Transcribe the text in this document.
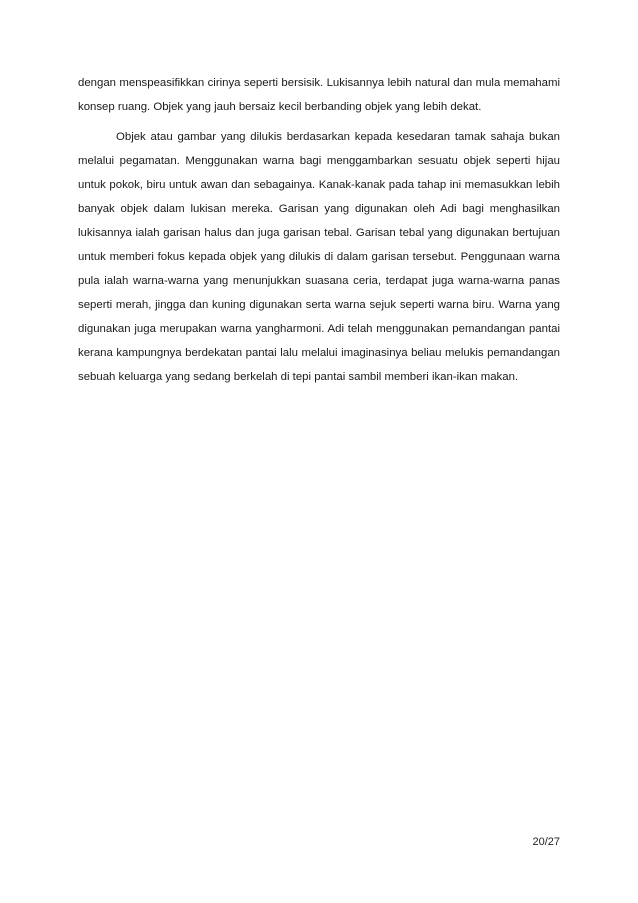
dengan menspeasifikkan cirinya seperti bersisik. Lukisannya lebih natural dan mula memahami konsep ruang. Objek yang jauh bersaiz kecil berbanding objek yang lebih dekat.

Objek atau gambar yang dilukis berdasarkan kepada kesedaran tamak sahaja bukan melalui pegamatan. Menggunakan warna bagi menggambarkan sesuatu objek seperti hijau untuk pokok, biru untuk awan dan sebagainya. Kanak-kanak pada tahap ini memasukkan lebih banyak objek dalam lukisan mereka. Garisan yang digunakan oleh Adi bagi menghasilkan lukisannya ialah garisan halus dan juga garisan tebal. Garisan tebal yang digunakan bertujuan untuk memberi fokus kepada objek yang dilukis di dalam garisan tersebut. Penggunaan warna pula ialah warna-warna yang menunjukkan suasana ceria, terdapat juga warna-warna panas seperti merah, jingga dan kuning digunakan serta warna sejuk seperti warna biru. Warna yang digunakan juga merupakan warna yangharmoni. Adi telah menggunakan pemandangan pantai kerana kampungnya berdekatan pantai lalu melalui imaginasinya beliau melukis pemandangan sebuah keluarga yang sedang berkelah di tepi pantai sambil memberi ikan-ikan makan.

20/27
